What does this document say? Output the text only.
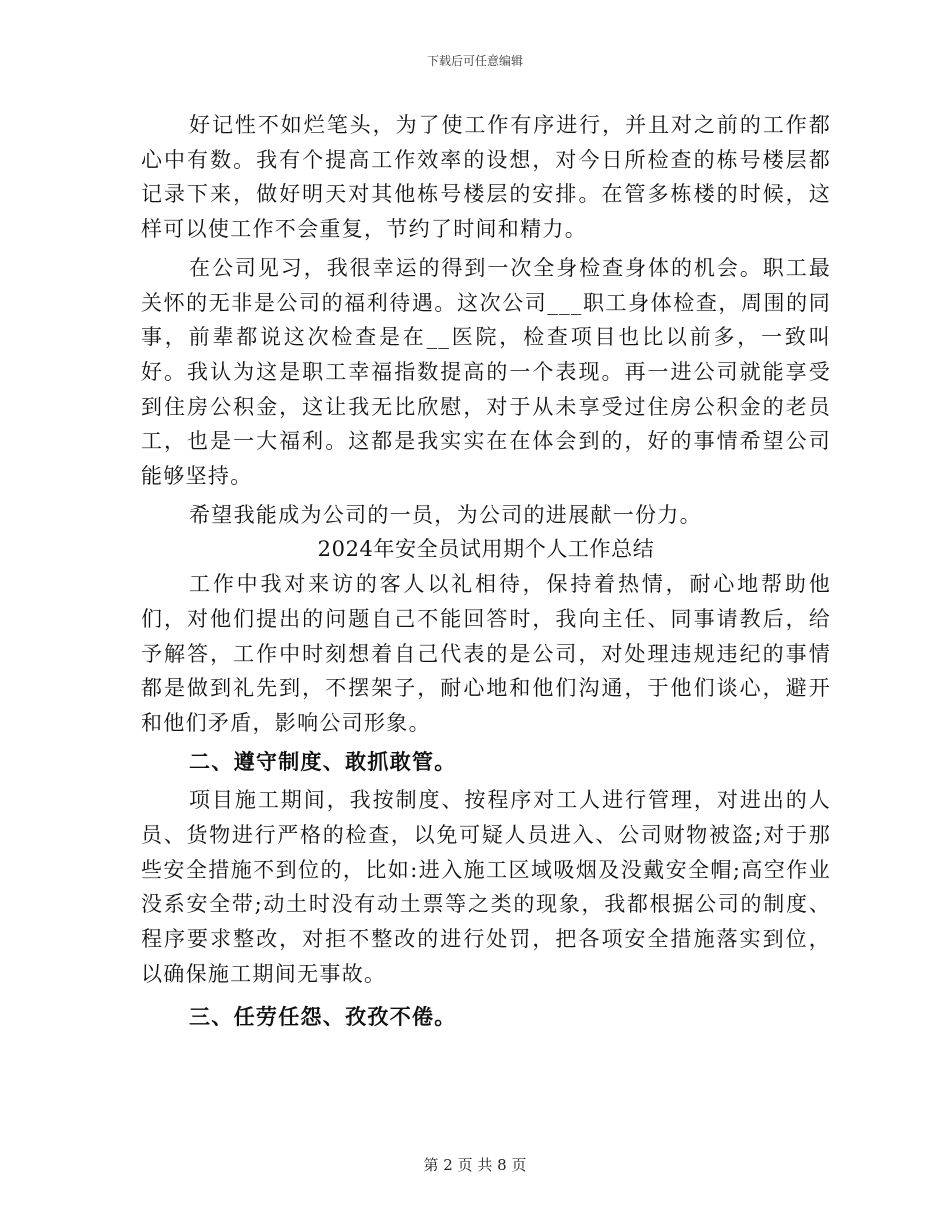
下载后可任意编辑

好记性不如烂笔头，为了使工作有序进行，并且对之前的工作都心中有数。我有个提高工作效率的设想，对今日所检查的栋号楼层都记录下来，做好明天对其他栋号楼层的安排。在管多栋楼的时候，这样可以使工作不会重复，节约了时间和精力。

在公司见习，我很幸运的得到一次全身检查身体的机会。职工最关怀的无非是公司的福利待遇。这次公司___职工身体检查，周围的同事，前辈都说这次检查是在__医院，检查项目也比以前多，一致叫好。我认为这是职工幸福指数提高的一个表现。再一进公司就能享受到住房公积金，这让我无比欣慰，对于从未享受过住房公积金的老员工，也是一大福利。这都是我实实在在体会到的，好的事情希望公司能够坚持。

希望我能成为公司的一员，为公司的进展献一份力。

2024年安全员试用期个人工作总结

工作中我对来访的客人以礼相待，保持着热情，耐心地帮助他们，对他们提出的问题自己不能回答时，我向主任、同事请教后，给予解答，工作中时刻想着自己代表的是公司，对处理违规违纪的事情都是做到礼先到，不摆架子，耐心地和他们沟通，于他们谈心，避开和他们矛盾，影响公司形象。

二、遵守制度、敢抓敢管。

项目施工期间，我按制度、按程序对工人进行管理，对进出的人员、货物进行严格的检查，以免可疑人员进入、公司财物被盗;对于那些安全措施不到位的，比如:进入施工区域吸烟及没戴安全帽;高空作业没系安全带;动土时没有动土票等之类的现象，我都根据公司的制度、程序要求整改，对拒不整改的进行处罚，把各项安全措施落实到位，以确保施工期间无事故。

三、任劳任怨、孜孜不倦。

第 2 页 共 8 页
